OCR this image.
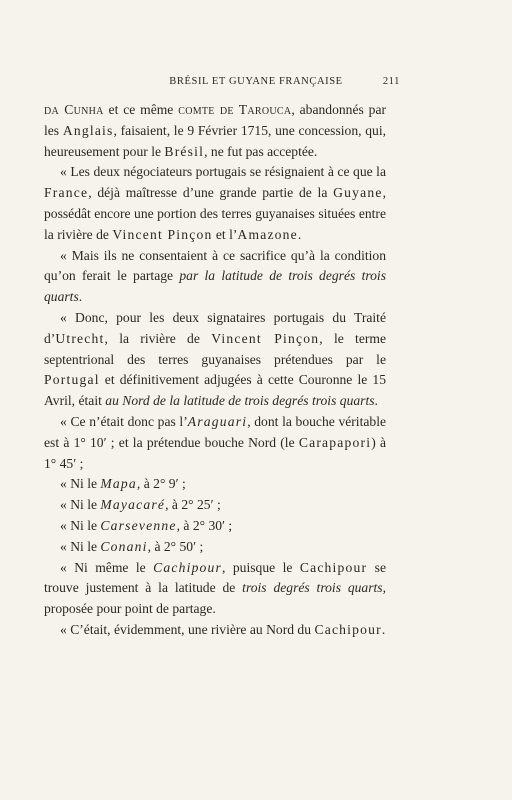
BRÉSIL ET GUYANE FRANÇAISE	211

da Cunha et ce même comte de Tarouca, abandonnés par les Anglais, faisaient, le 9 Février 1715, une concession, qui, heureusement pour le Brésil, ne fut pas acceptée.

« Les deux négociateurs portugais se résignaient à ce que la France, déjà maîtresse d’une grande partie de la Guyane, possédât encore une portion des terres guyanaises situées entre la rivière de Vincent Pinçon et l’Amazone.

« Mais ils ne consentaient à ce sacrifice qu’à la condition qu’on ferait le partage par la latitude de trois degrés trois quarts.

« Donc, pour les deux signataires portugais du Traité d’Utrecht, la rivière de Vincent Pinçon, le terme septentrional des terres guyanaises prétendues par le Portugal et définitivement adjugées à cette Couronne le 15 Avril, était au Nord de la latitude de trois degrés trois quarts.

« Ce n’était donc pas l’Araguari, dont la bouche véritable est à 1° 10′ ; et la prétendue bouche Nord (le Carapapori) à 1° 45′ ;

« Ni le Mapa, à 2° 9′ ;

« Ni le Mayacaré, à 2° 25′ ;

« Ni le Carsevenne, à 2° 30′ ;

« Ni le Conani, à 2° 50′ ;

« Ni même le Cachipour, puisque le Cachipour se trouve justement à la latitude de trois degrés trois quarts, proposée pour point de partage.

« C’était, évidemment, une rivière au Nord du Cachipour.
